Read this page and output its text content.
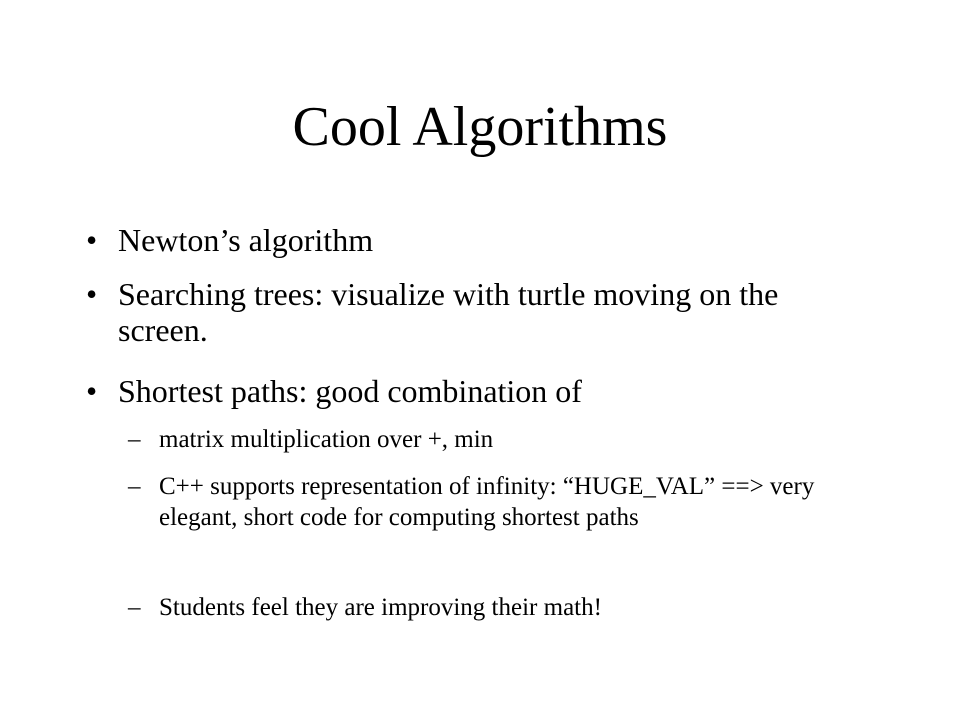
Cool Algorithms
• Newton’s algorithm
• Searching trees: visualize with turtle moving on the screen.
• Shortest paths: good combination of
– matrix multiplication over +, min
– C++ supports representation of infinity: “HUGE_VAL” ==> very elegant, short code for computing shortest paths
– Students feel they are improving their math!
